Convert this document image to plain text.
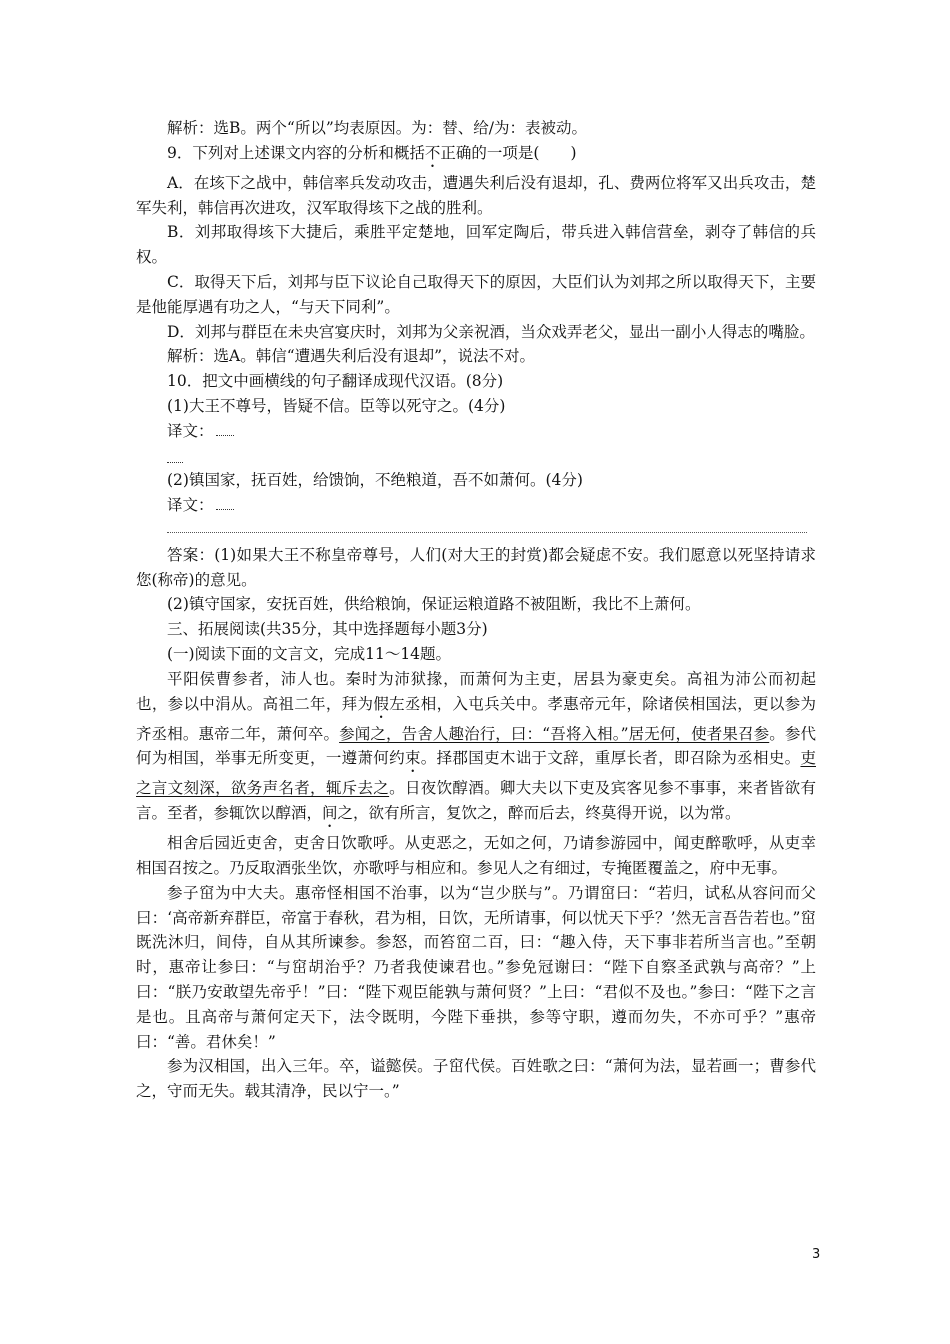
解析：选B。两个“所以”均表原因。为：替、给/为：表被动。

9．下列对上述课文内容的分析和概括不正确的一项是(　　)

A．在垓下之战中，韩信率兵发动攻击，遭遇失利后没有退却，孔、费两位将军又出兵攻击，楚军失利，韩信再次进攻，汉军取得垓下之战的胜利。

B．刘邦取得垓下大捷后，乘胜平定楚地，回军定陶后，带兵进入韩信营垒，剥夺了韩信的兵权。

C．取得天下后，刘邦与臣下议论自己取得天下的原因，大臣们认为刘邦之所以取得天下，主要是他能厚遇有功之人，“与天下同利”。

D．刘邦与群臣在未央宫宴庆时，刘邦为父亲祝酒，当众戏弄老父，显出一副小人得志的嘴脸。

解析：选A。韩信“遭遇失利后没有退却”，说法不对。

10．把文中画横线的句子翻译成现代汉语。(8分)

(1)大王不尊号，皆疑不信。臣等以死守之。(4分)

译文：

(2)镇国家，抚百姓，给馈饷，不绝粮道，吾不如萧何。(4分)

译文：

答案：(1)如果大王不称皇帝尊号，人们(对大王的封赏)都会疑虑不安。我们愿意以死坚持请求您(称帝)的意见。

(2)镇守国家，安抚百姓，供给粮饷，保证运粮道路不被阻断，我比不上萧何。

三、拓展阅读(共35分，其中选择题每小题3分)

(一)阅读下面的文言文，完成11～14题。

平阳侯曹参者，沛人也。秦时为沛狱掾，而萧何为主吏，居县为豪吏矣。高祖为沛公而初起也，参以中涓从。高祖二年，拜为假左丞相，入屯兵关中。孝惠帝元年，除诸侯相国法，更以参为齐丞相。惠帝二年，萧何卒。参闻之，告舍人趣治行，曰：“吾将入相。”居无何，使者果召参。参代何为相国，举事无所变更，一遵萧何约束。择郡国吏木诎于文辞，重厚长者，即召除为丞相史。吏之言文刻深，欲务声名者，辄斥去之。日夜饮醇酒。卿大夫以下吏及宾客见参不事事，来者皆欲有言。至者，参辄饮以醇酒，间之，欲有所言，复饮之，醉而后去，终莫得开说，以为常。

相舍后园近吏舍，吏舍日饮歌呼。从吏恶之，无如之何，乃请参游园中，闻吏醉歌呼，从吏幸相国召按之。乃反取酒张坐饮，亦歌呼与相应和。参见人之有细过，专掩匿覆盖之，府中无事。

参子窋为中大夫。惠帝怪相国不治事，以为“岂少朕与”。乃谓窋曰：“若归，试私从容问而父曰：‘高帝新弃群臣，帝富于春秋，君为相，日饮，无所请事，何以忧天下乎？’然无言吾告若也。”窋既洗沐归，间侍，自从其所谏参。参怒，而笞窋二百，曰：“趣入侍，天下事非若所当言也。”至朝时，惠帝让参曰：“与窋胡治乎？乃者我使谏君也。”参免冠谢曰：“陛下自察圣武孰与高帝？”上曰：“朕乃安敢望先帝乎！”曰：“陛下观臣能孰与萧何贤？”上曰：“君似不及也。”参曰：“陛下之言是也。且高帝与萧何定天下，法令既明，今陛下垂拱，参等守职，遵而勿失，不亦可乎？”惠帝曰：“善。君休矣！”

参为汉相国，出入三年。卒，谥懿侯。子窋代侯。百姓歌之曰：“萧何为法，显若画一；曹参代之，守而无失。载其清净，民以宁一。”

3
